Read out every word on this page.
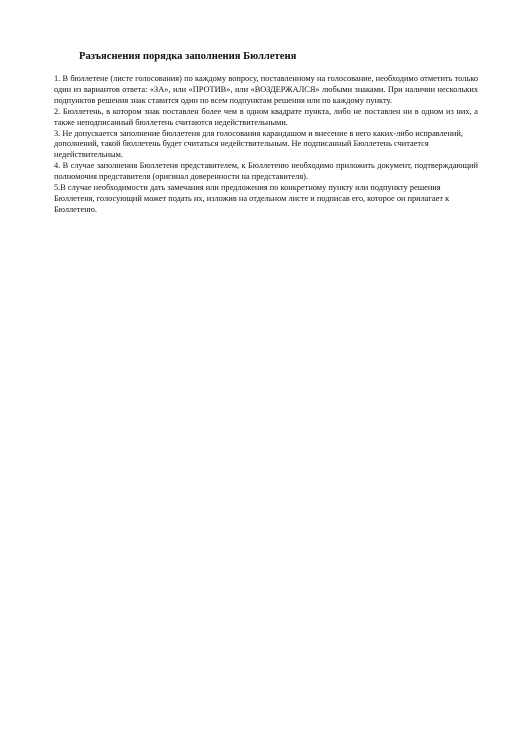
Разъяснения порядка заполнения Бюллетеня

1. В бюллетене (листе голосования) по каждому вопросу, поставленному на голосование, необходимо отметить только один из вариантов ответа: «ЗА», или «ПРОТИВ», или «ВОЗДЕРЖАЛСЯ» любыми знаками. При наличии нескольких подпунктов решения знак ставится один по всем подпунктам решения или по каждому пункту.

2. Бюллетень, в котором знак поставлен более чем в одном квадрате пункта, либо не поставлен ни в одном из них, а также неподписанный бюллетень считаются недействительными.

3. Не допускается заполнение бюллетеня для голосования карандашом и внесение в него каких-либо исправлений, дополнений, такой бюллетень будет считаться недействительным. Не подписанный Бюллетень считается недействительным.

4. В случае заполнения Бюллетеня представителем, к Бюллетеню необходимо приложить документ, подтверждающий полномочия представителя (оригинал доверенности на представителя).

5.В случае необходимости дать замечания или предложения по конкретному пункту или подпункту решения Бюллетеня, голосующий может подать их, изложив на отдельном листе и подписав его, которое он прилагает к Бюллетеню.
